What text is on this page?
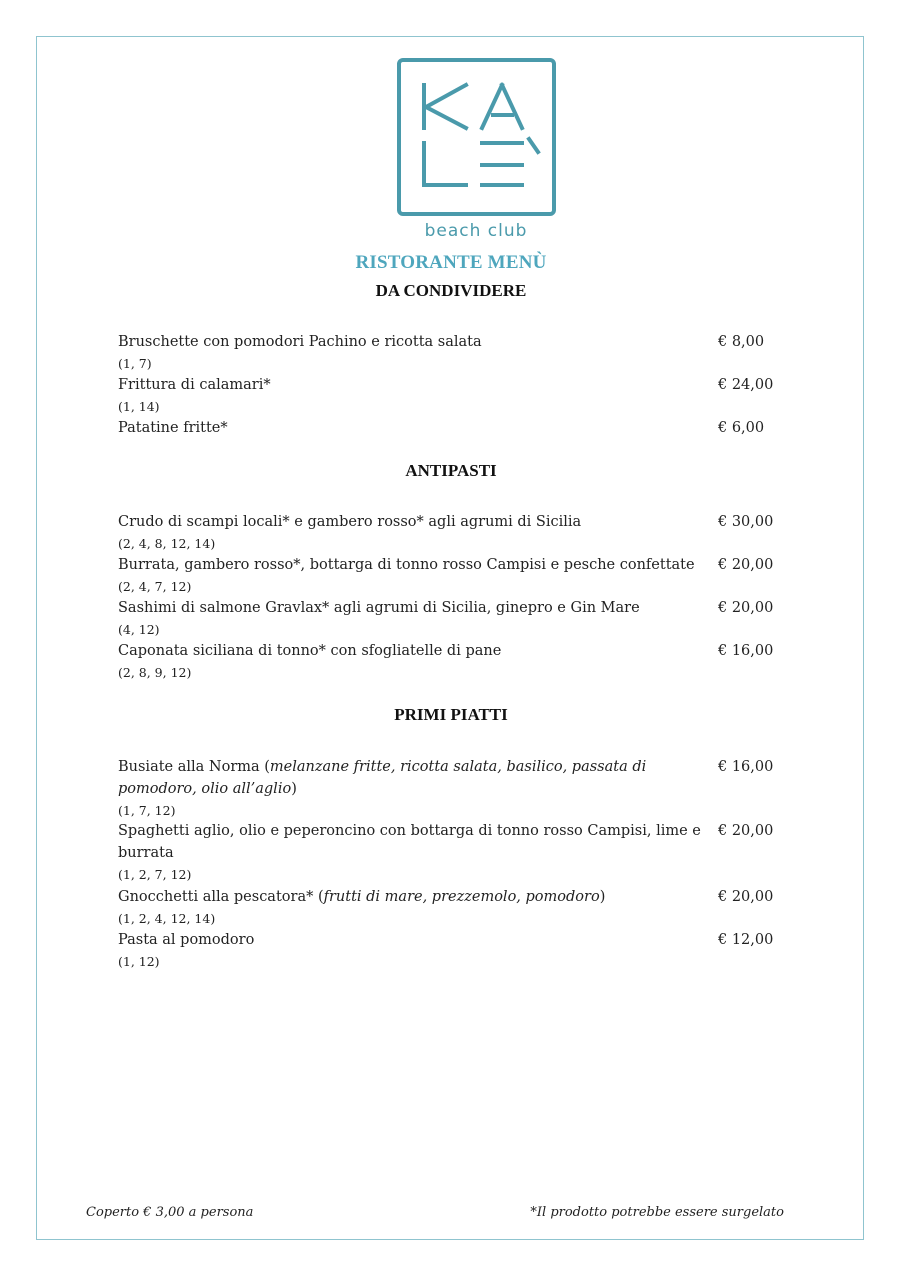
beach club
RISTORANTE MENÙ
DA CONDIVIDERE
Bruschette con pomodori Pachino e ricotta salata
(1, 7)
€ 8,00
Frittura di calamari*
(1, 14)
€ 24,00
Patatine fritte*	€ 6,00
ANTIPASTI
Crudo di scampi locali* e gambero rosso* agli agrumi di Sicilia
(2, 4, 8, 12, 14)
€ 30,00
Burrata, gambero rosso*, bottarga di tonno rosso Campisi e pesche confettate
(2, 4, 7, 12)
€ 20,00
Sashimi di salmone Gravlax* agli agrumi di Sicilia, ginepro e Gin Mare
(4, 12)
€ 20,00
Caponata siciliana di tonno* con sfogliatelle di pane
(2, 8, 9, 12)
€ 16,00
PRIMI PIATTI
Busiate alla Norma (melanzane fritte, ricotta salata, basilico, passata di pomodoro, olio all’aglio)
(1, 7, 12)
€ 16,00
Spaghetti aglio, olio e peperoncino con bottarga di tonno rosso Campisi, lime e burrata
(1, 2, 7, 12)
€ 20,00
Gnocchetti alla pescatora* (frutti di mare, prezzemolo, pomodoro)
(1, 2, 4, 12, 14)
€ 20,00
Pasta al pomodoro
(1, 12)
€ 12,00
Coperto € 3,00 a persona	*Il prodotto potrebbe essere surgelato
